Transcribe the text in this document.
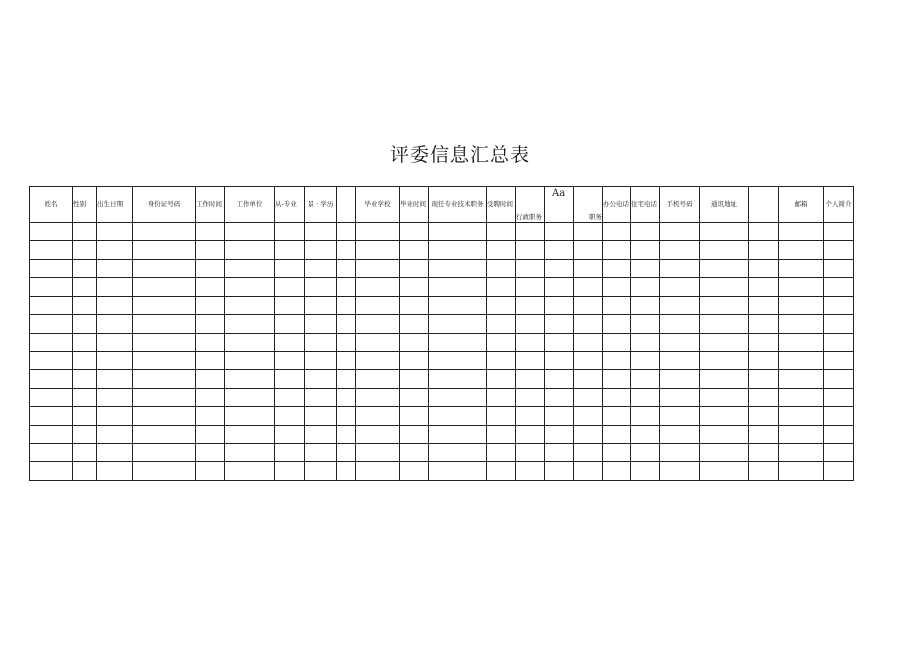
评委信息汇总表
Aa
姓名	性别	出生日期	身份证号码	工作时间	工作单位	从-专业	景 · 学历		毕业学校	毕业时间	现任专业技术职务	受聘时间	行政职务		职务	办公电话	住宅电话	手机号码	通讯地址		邮箱	个人简介
